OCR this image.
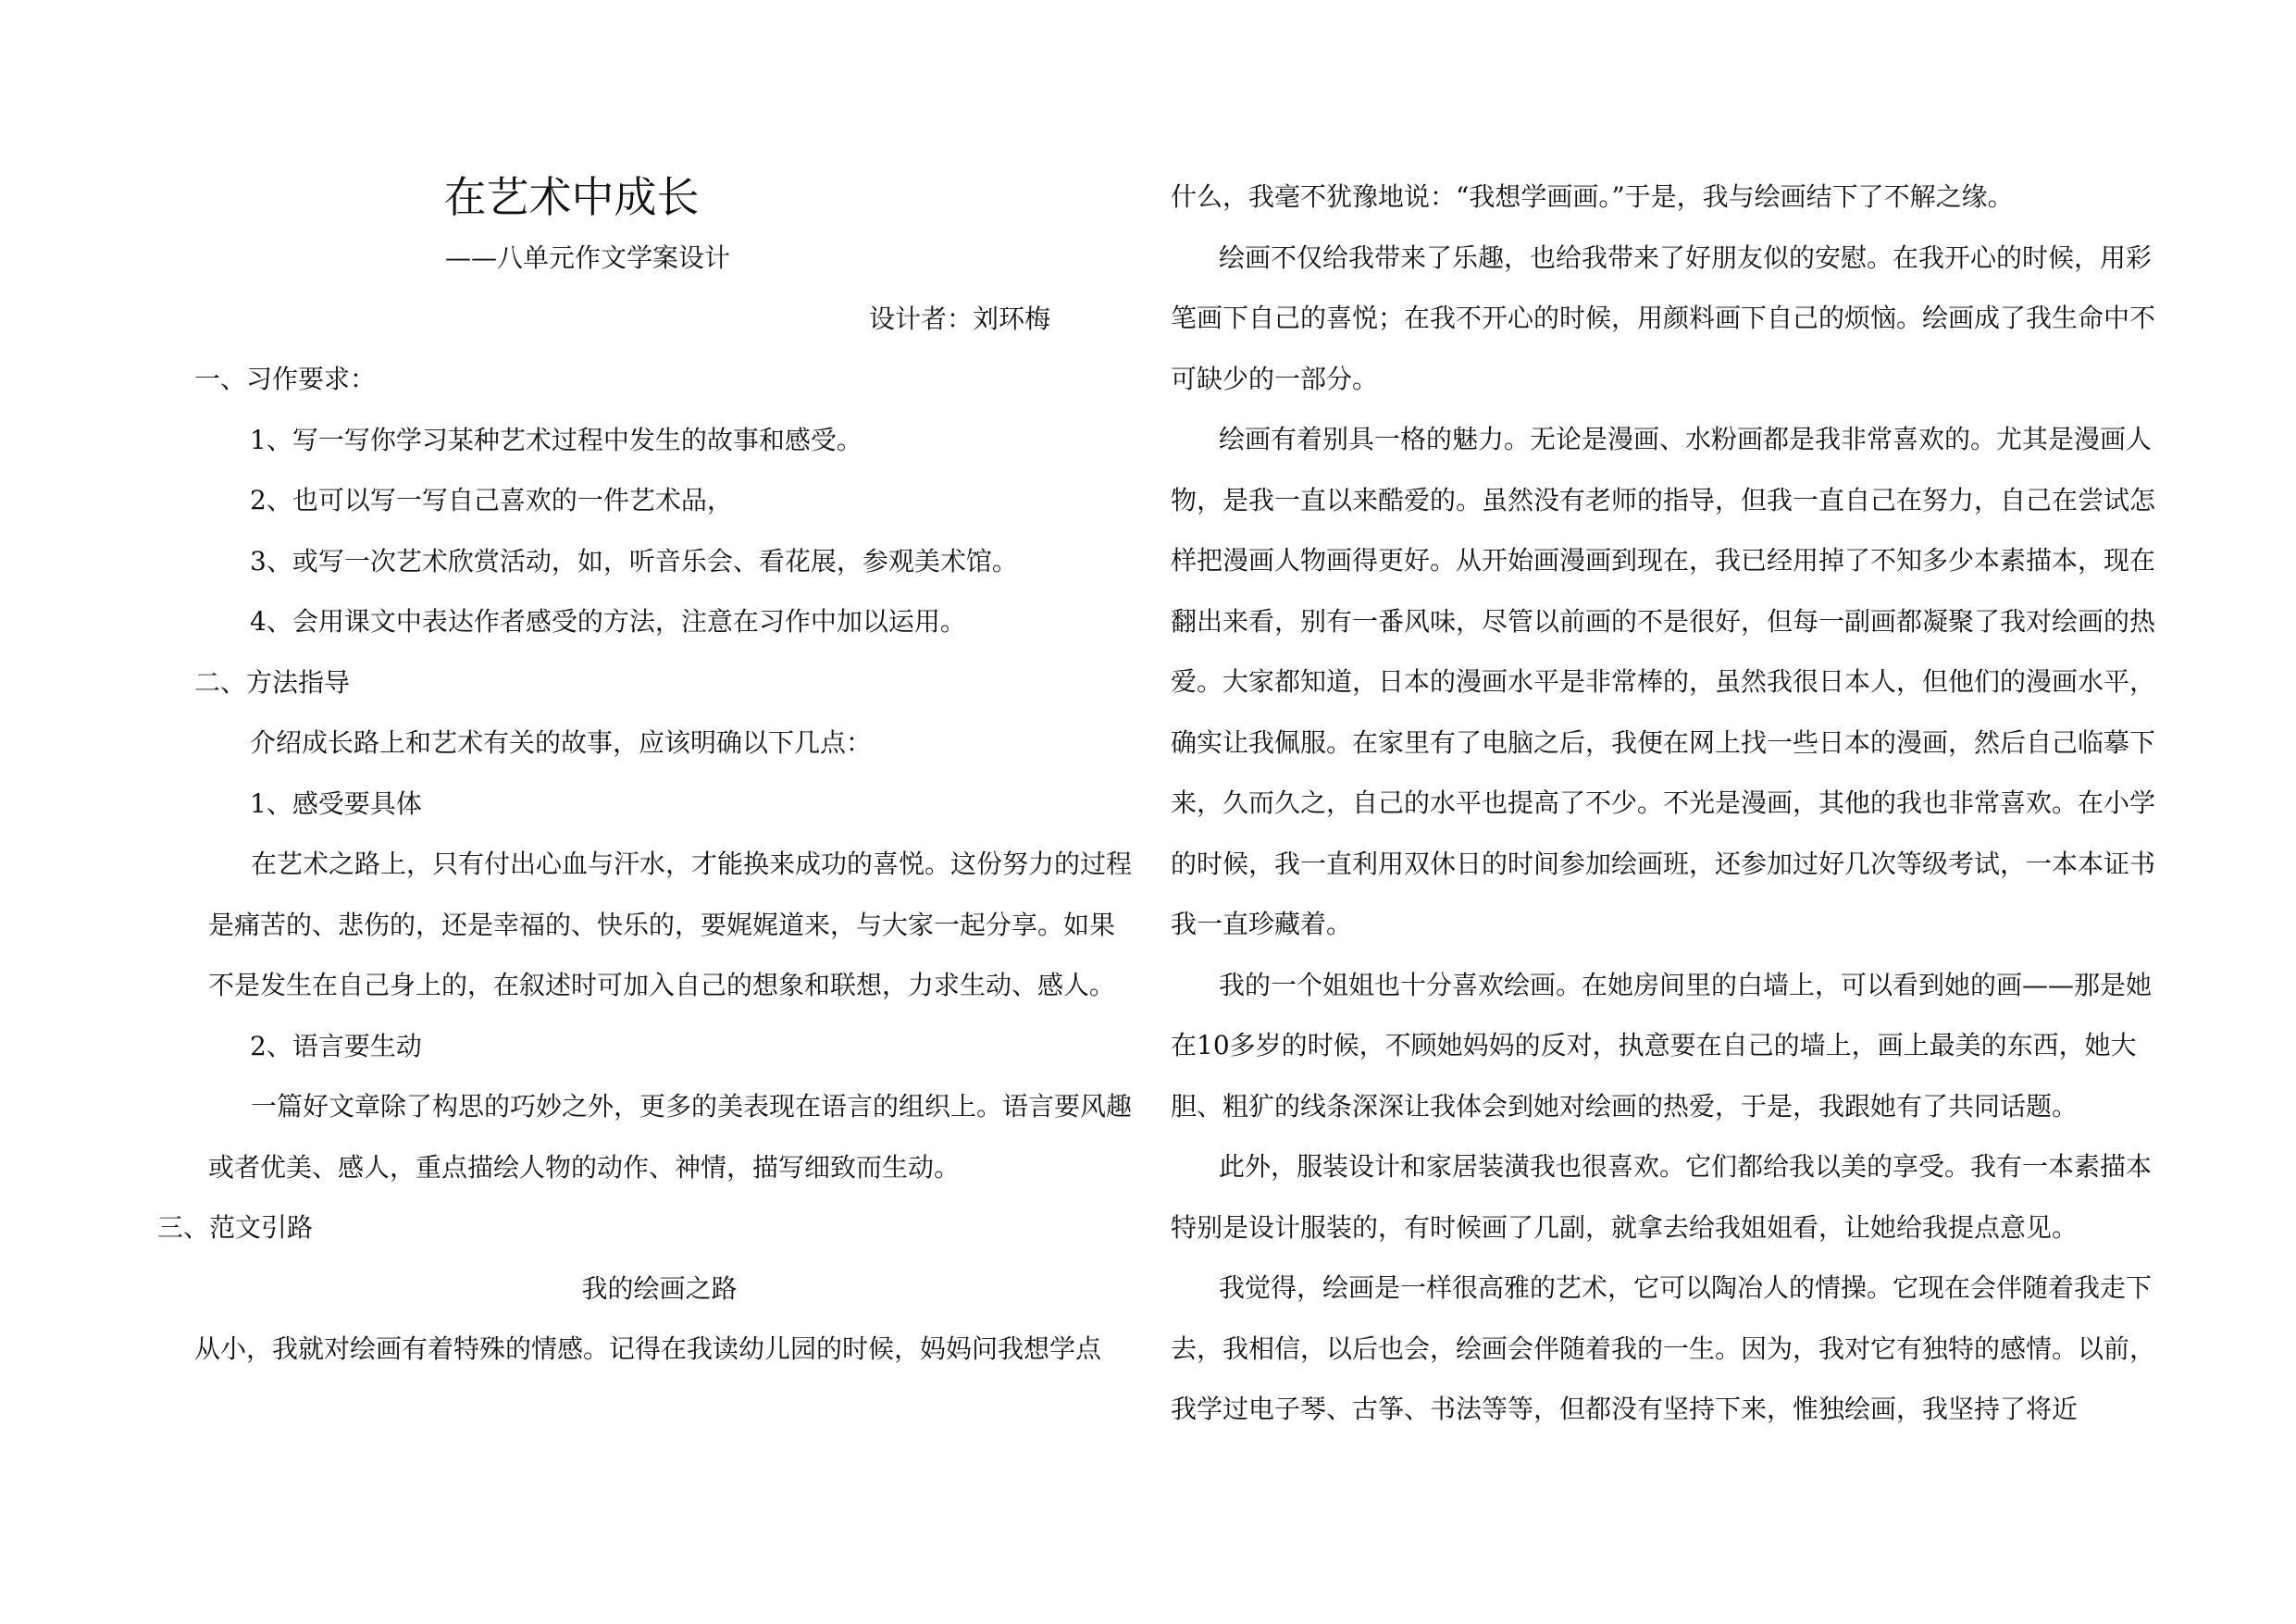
在艺术中成长

——八单元作文学案设计

设计者：刘环梅

一、习作要求：

1、写一写你学习某种艺术过程中发生的故事和感受。

2、也可以写一写自己喜欢的一件艺术品，

3、或写一次艺术欣赏活动，如，听音乐会、看花展，参观美术馆。

4、会用课文中表达作者感受的方法，注意在习作中加以运用。

二、方法指导

介绍成长路上和艺术有关的故事，应该明确以下几点：

1、感受要具体

在艺术之路上，只有付出心血与汗水，才能换来成功的喜悦。这份努力的过程是痛苦的、悲伤的，还是幸福的、快乐的，要娓娓道来，与大家一起分享。如果不是发生在自己身上的，在叙述时可加入自己的想象和联想，力求生动、感人。

2、语言要生动

一篇好文章除了构思的巧妙之外，更多的美表现在语言的组织上。语言要风趣或者优美、感人，重点描绘人物的动作、神情，描写细致而生动。

三、范文引路

我的绘画之路

从小，我就对绘画有着特殊的情感。记得在我读幼儿园的时候，妈妈问我想学点

什么，我毫不犹豫地说：“我想学画画。”于是，我与绘画结下了不解之缘。

绘画不仅给我带来了乐趣，也给我带来了好朋友似的安慰。在我开心的时候，用彩笔画下自己的喜悦；在我不开心的时候，用颜料画下自己的烦恼。绘画成了我生命中不可缺少的一部分。

绘画有着别具一格的魅力。无论是漫画、水粉画都是我非常喜欢的。尤其是漫画人物，是我一直以来酷爱的。虽然没有老师的指导，但我一直自己在努力，自己在尝试怎样把漫画人物画得更好。从开始画漫画到现在，我已经用掉了不知多少本素描本，现在翻出来看，别有一番风味，尽管以前画的不是很好，但每一副画都凝聚了我对绘画的热爱。大家都知道，日本的漫画水平是非常棒的，虽然我很日本人，但他们的漫画水平，确实让我佩服。在家里有了电脑之后，我便在网上找一些日本的漫画，然后自己临摹下来，久而久之，自己的水平也提高了不少。不光是漫画，其他的我也非常喜欢。在小学的时候，我一直利用双休日的时间参加绘画班，还参加过好几次等级考试，一本本证书我一直珍藏着。

我的一个姐姐也十分喜欢绘画。在她房间里的白墙上，可以看到她的画——那是她在10多岁的时候，不顾她妈妈的反对，执意要在自己的墙上，画上最美的东西，她大胆、粗犷的线条深深让我体会到她对绘画的热爱，于是，我跟她有了共同话题。

此外，服装设计和家居装潢我也很喜欢。它们都给我以美的享受。我有一本素描本特别是设计服装的，有时候画了几副，就拿去给我姐姐看，让她给我提点意见。

我觉得，绘画是一样很高雅的艺术，它可以陶冶人的情操。它现在会伴随着我走下去，我相信，以后也会，绘画会伴随着我的一生。因为，我对它有独特的感情。以前，我学过电子琴、古筝、书法等等，但都没有坚持下来，惟独绘画，我坚持了将近
